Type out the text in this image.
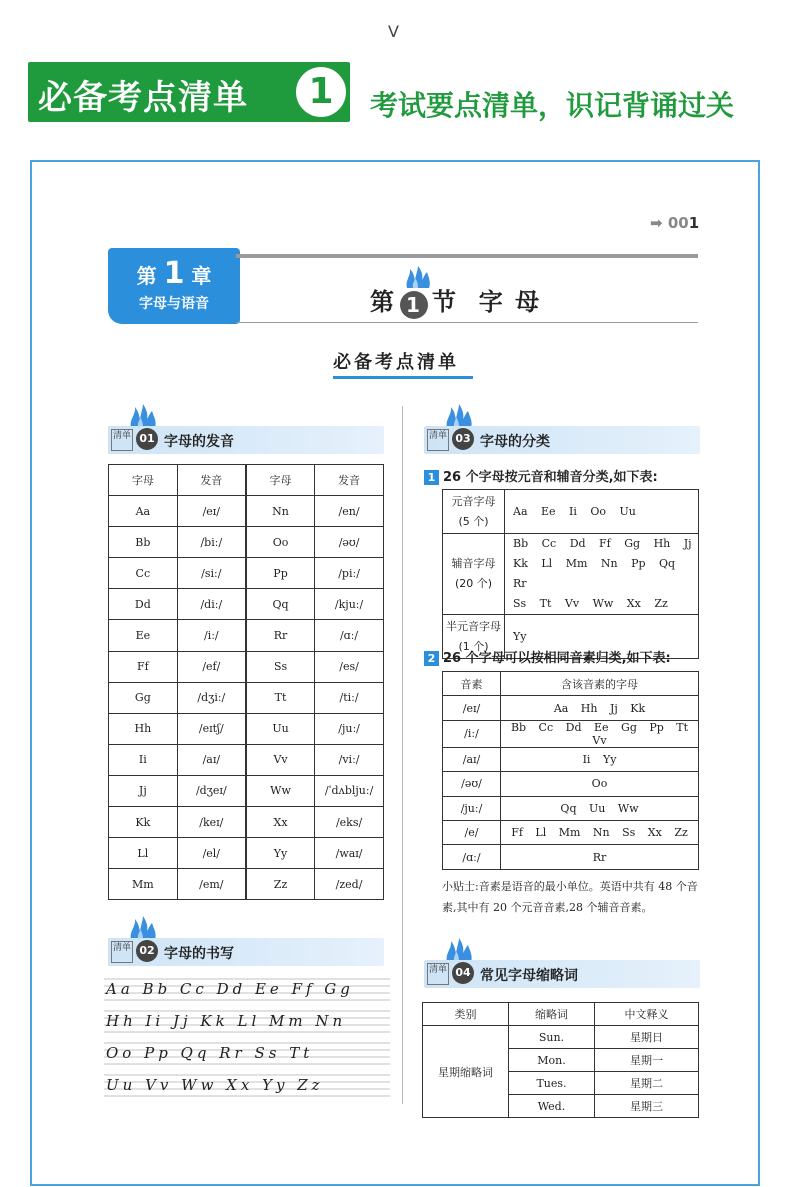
V
必备考点清单	1	考试要点清单，识记背诵过关
➡ 001
第 1 章
字母与语音	第 1 节 字 母
必备考点清单
清单 01 字母的发音
字母	发音	字母	发音
Aa	/eɪ/	Nn	/en/
Bb	/biː/	Oo	/əʊ/
Cc	/siː/	Pp	/piː/
Dd	/diː/	Qq	/kjuː/
Ee	/iː/	Rr	/ɑː/
Ff	/ef/	Ss	/es/
Gg	/dʒiː/	Tt	/tiː/
Hh	/eɪtʃ/	Uu	/juː/
Ii	/aɪ/	Vv	/viː/
Jj	/dʒeɪ/	Ww	/ˈdʌbljuː/
Kk	/keɪ/	Xx	/eks/
Ll	/el/	Yy	/waɪ/
Mm	/em/	Zz	/zed/
清单 02 字母的书写
Aa Bb Cc Dd Ee Ff Gg
Hh Ii Jj Kk Ll Mm Nn
Oo Pp Qq Rr Ss Tt
Uu Vv Ww Xx Yy Zz
清单 03 字母的分类
1 26 个字母按元音和辅音分类,如下表:
元音字母
(5 个)	Aa Ee Ii Oo Uu
辅音字母
(20 个)	Bb Cc Dd Ff Gg Hh Jj
Kk Ll Mm Nn Pp Qq Rr
Ss Tt Vv Ww Xx Zz
半元音字母
(1 个)	Yy
2 26 个字母可以按相同音素归类,如下表:
音素	含该音素的字母
/eɪ/	Aa Hh Jj Kk
/iː/	Bb Cc Dd Ee Gg Pp Tt Vv
/aɪ/	Ii Yy
/əʊ/	Oo
/juː/	Qq Uu Ww
/e/	Ff Ll Mm Nn Ss Xx Zz
/ɑː/	Rr
小贴士:音素是语音的最小单位。英语中共有 48 个音素,其中有 20 个元音音素,28 个辅音音素。
清单 04 常见字母缩略词
类别	缩略词	中文释义
星期缩略词	Sun.	星期日
	Mon.	星期一
	Tues.	星期二
	Wed.	星期三
